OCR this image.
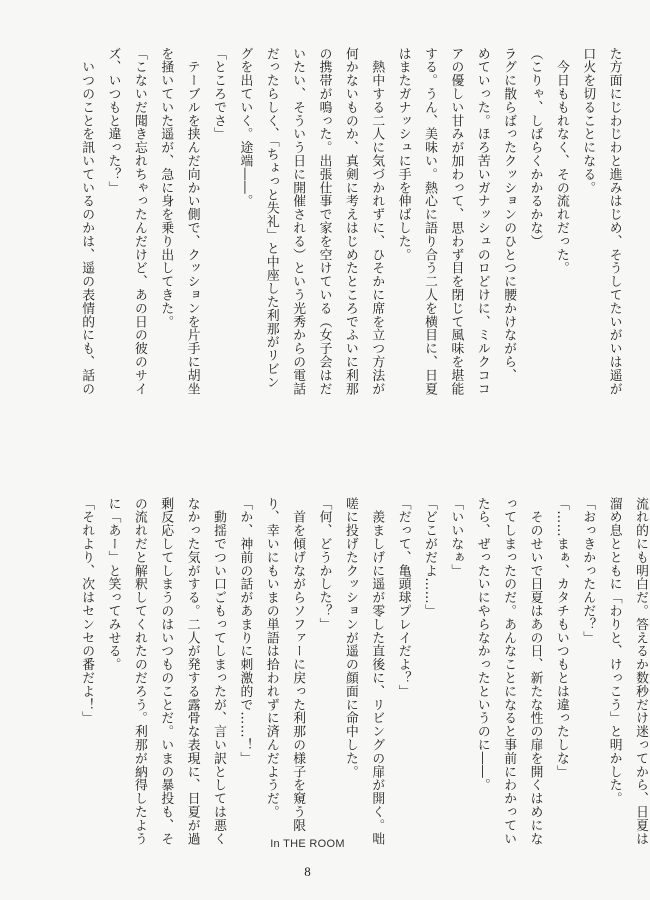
た方面にじわじわと進みはじめ、そうしてたいがいは遥が
口火を切ることになる。
　今日ももれなく、その流れだった。
（こりゃ、しばらくかかるかな）
ラグに散らばったクッションのひとつに腰かけながら、
めていった。ほろ苦いガナッシュのロどけに、ミルクココ
アの優しい甘みが加わって、思わず目を閉じて風味を堪能
する。うん、美味い。熱心に語り合う二人を横目に、日夏
はまたガナッシュに手を伸ばした。
　熱中する二人に気づかれずに、ひそかに席を立つ方法が
何かないものか、真剣に考えはじめたところでふいに利那
の携帯が鳴った。出張仕事で家を空けている（女子会はだ
いたい、そういう日に開催される）という光秀からの電話
だったらしく、「ちょっと失礼」と中座した利那がリビン
グを出ていく。途端――。
「ところでさ」
　テーブルを挟んだ向かい側で、クッションを片手に胡坐
を掻いていた遥が、急に身を乗り出してきた。
「こないだ聞き忘れちゃったんだけど、あの日の彼のサイ
ズ、いつもと違った？」
　いつのことを訊いているのかは、遥の表情的にも、話の
流れ的にも明白だ。答えるか数秒だけ迷ってから、日夏は
溜め息とともに「わりと、けっこう」と明かした。
「おっきかったんだ？」
「……まぁ、カタチもいつもとは違ったしな」
　そのせいで日夏はあの日、新たな性の扉を開くはめにな
ってしまったのだ。あんなことになると事前にわかってい
たら、ぜったいにやらなかったというのに――。
「いいなぁ」
「どこがだよ……」
「だって、亀頭球プレイだよ？」
　羨ましげに遥が零した直後に、リビングの扉が開く。咄
嗟に投げたクッションが遥の顔面に命中した。
「何、どうかした？」
　首を傾げながらソファーに戻った利那の様子を窺う限
り、幸いにもいまの単語は拾われずに済んだようだ。
「か、神前の話があまりに刺激的で……！」
　動揺でつい口ごもってしまったが、言い訳としては悪く
なかった気がする。二人が発する露骨な表現に、日夏が過
剰反応してしまうのはいつものことだ。いまの暴投も、そ
の流れだと解釈してくれたのだろう。利那が納得したよう
に「あー」と笑ってみせる。
「それより、次はセンセの番だよ！」
In THE ROOM
8
